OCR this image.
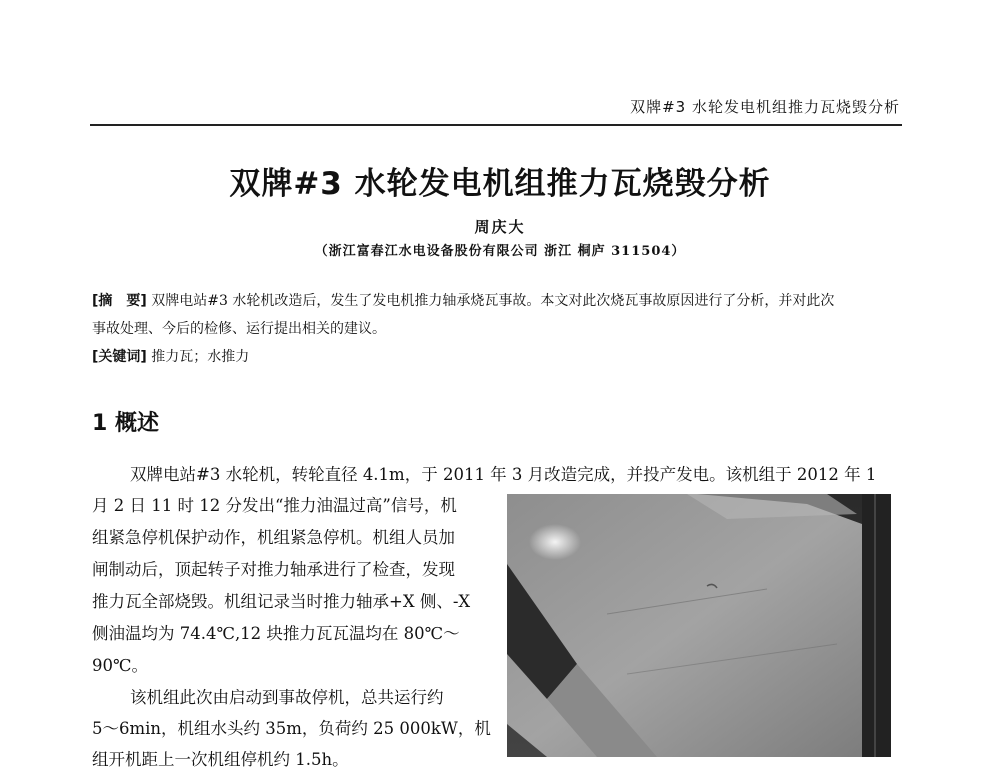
双牌#3 水轮发电机组推力瓦烧毁分析
双牌#3 水轮发电机组推力瓦烧毁分析
周庆大
（浙江富春江水电设备股份有限公司 浙江 桐庐 311504）
[摘　要] 双牌电站#3 水轮机改造后，发生了发电机推力轴承烧瓦事故。本文对此次烧瓦事故原因进行了分析，并对此次
事故处理、今后的检修、运行提出相关的建议。
[关键词] 推力瓦；水推力
1 概述
双牌电站#3 水轮机，转轮直径 4.1m，于 2011 年 3 月改造完成，并投产发电。该机组于 2012 年 1
月 2 日 11 时 12 分发出“推力油温过高”信号，机
组紧急停机保护动作，机组紧急停机。机组人员加
闸制动后，顶起转子对推力轴承进行了检查，发现
推力瓦全部烧毁。机组记录当时推力轴承+X 侧、-X
侧油温均为 74.4℃,12 块推力瓦瓦温均在 80℃～
90℃。
该机组此次由启动到事故停机，总共运行约
5～6min，机组水头约 35m，负荷约 25 000kW，机
组开机距上一次机组停机约 1.5h。
